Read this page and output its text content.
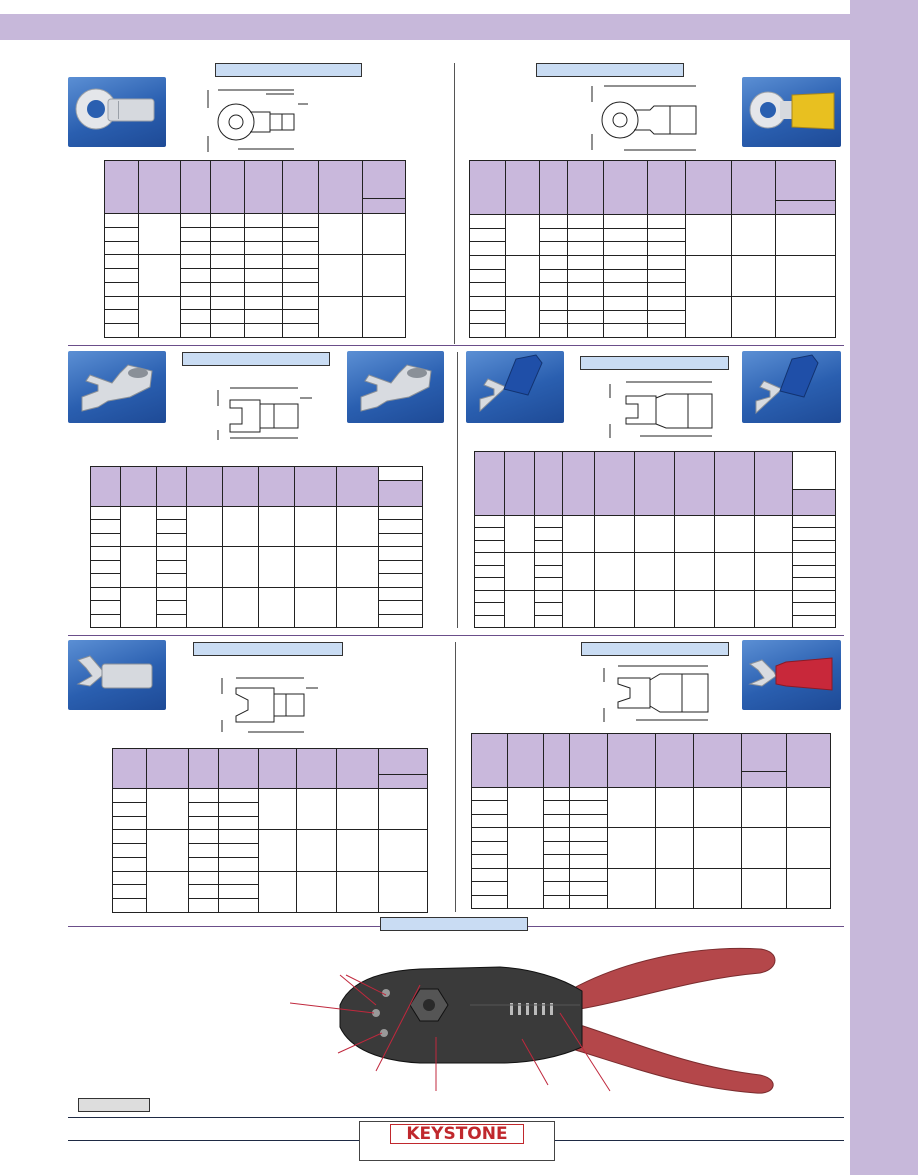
KEYSTONE
